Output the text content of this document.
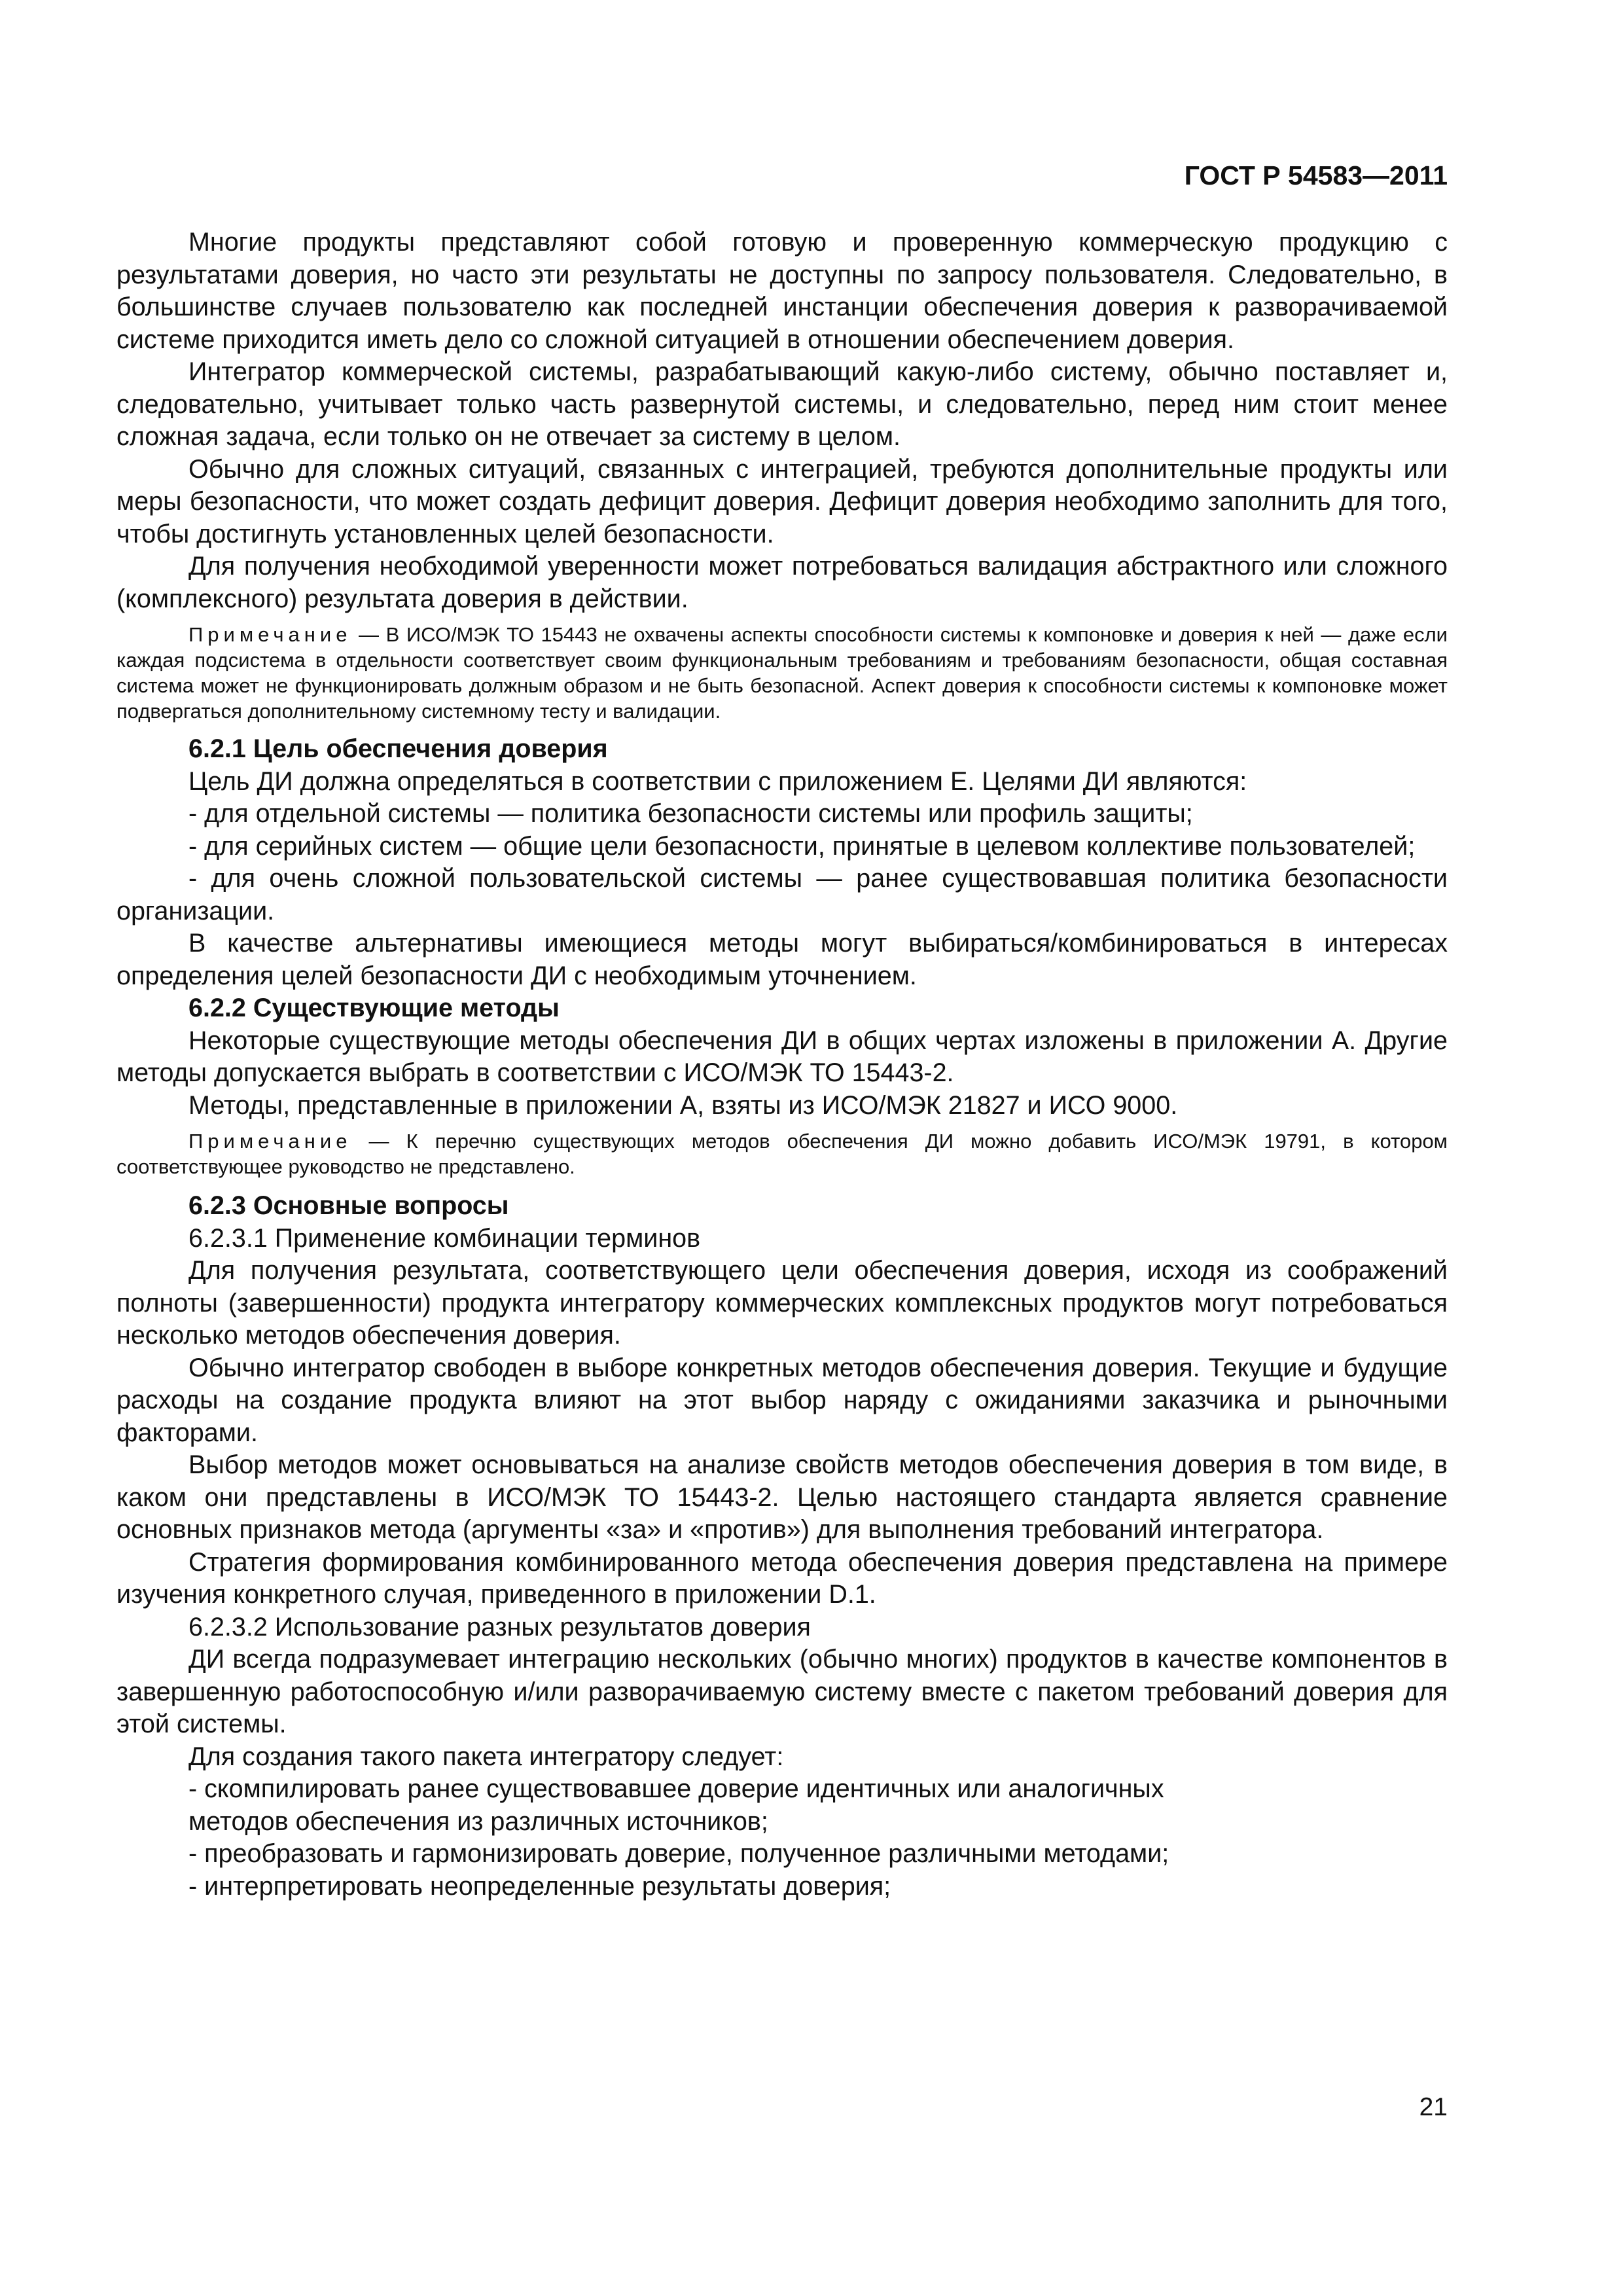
ГОСТ Р 54583—2011

Многие продукты представляют собой готовую и проверенную коммерческую продукцию с результатами доверия, но часто эти результаты не доступны по запросу пользователя. Следовательно, в большинстве случаев пользователю как последней инстанции обеспечения доверия к разворачиваемой системе приходится иметь дело со сложной ситуацией в отношении обеспечением доверия.

Интегратор коммерческой системы, разрабатывающий какую-либо систему, обычно поставляет и, следовательно, учитывает только часть развернутой системы, и следовательно, перед ним стоит менее сложная задача, если только он не отвечает за систему в целом.

Обычно для сложных ситуаций, связанных с интеграцией, требуются дополнительные продукты или меры безопасности, что может создать дефицит доверия. Дефицит доверия необходимо заполнить для того, чтобы достигнуть установленных целей безопасности.

Для получения необходимой уверенности может потребоваться валидация абстрактного или сложного (комплексного) результата доверия в действии.

Примечание — В ИСО/МЭК ТО 15443 не охвачены аспекты способности системы к компоновке и доверия к ней — даже если каждая подсистема в отдельности соответствует своим функциональным требованиям и требованиям безопасности, общая составная система может не функционировать должным образом и не быть безопасной. Аспект доверия к способности системы к компоновке может подвергаться дополнительному системному тесту и валидации.

6.2.1 Цель обеспечения доверия

Цель ДИ должна определяться в соответствии с приложением Е. Целями ДИ являются:

- для отдельной системы — политика безопасности системы или профиль защиты;

- для серийных систем — общие цели безопасности, принятые в целевом коллективе пользователей;

- для очень сложной пользовательской системы — ранее существовавшая политика безопасности организации.

В качестве альтернативы имеющиеся методы могут выбираться/комбинироваться в интересах определения целей безопасности ДИ с необходимым уточнением.

6.2.2 Существующие методы

Некоторые существующие методы обеспечения ДИ в общих чертах изложены в приложении А. Другие методы допускается выбрать в соответствии с ИСО/МЭК ТО 15443-2.

Методы, представленные в приложении А, взяты из ИСО/МЭК 21827 и ИСО 9000.

Примечание — К перечню существующих методов обеспечения ДИ можно добавить ИСО/МЭК 19791, в котором соответствующее руководство не представлено.

6.2.3 Основные вопросы

6.2.3.1 Применение комбинации терминов

Для получения результата, соответствующего цели обеспечения доверия, исходя из соображений полноты (завершенности) продукта интегратору коммерческих комплексных продуктов могут потребоваться несколько методов обеспечения доверия.

Обычно интегратор свободен в выборе конкретных методов обеспечения доверия. Текущие и будущие расходы на создание продукта влияют на этот выбор наряду с ожиданиями заказчика и рыночными факторами.

Выбор методов может основываться на анализе свойств методов обеспечения доверия в том виде, в каком они представлены в ИСО/МЭК ТО 15443-2. Целью настоящего стандарта является сравнение основных признаков метода (аргументы «за» и «против») для выполнения требований интегратора.

Стратегия формирования комбинированного метода обеспечения доверия представлена на примере изучения конкретного случая, приведенного в приложении D.1.

6.2.3.2 Использование разных результатов доверия

ДИ всегда подразумевает интеграцию нескольких (обычно многих) продуктов в качестве компонентов в завершенную работоспособную и/или разворачиваемую систему вместе с пакетом требований доверия для этой системы.

Для создания такого пакета интегратору следует:

- скомпилировать ранее существовавшее доверие идентичных или аналогичных

методов обеспечения из различных источников;

- преобразовать и гармонизировать доверие, полученное различными методами;

- интерпретировать неопределенные результаты доверия;

21
